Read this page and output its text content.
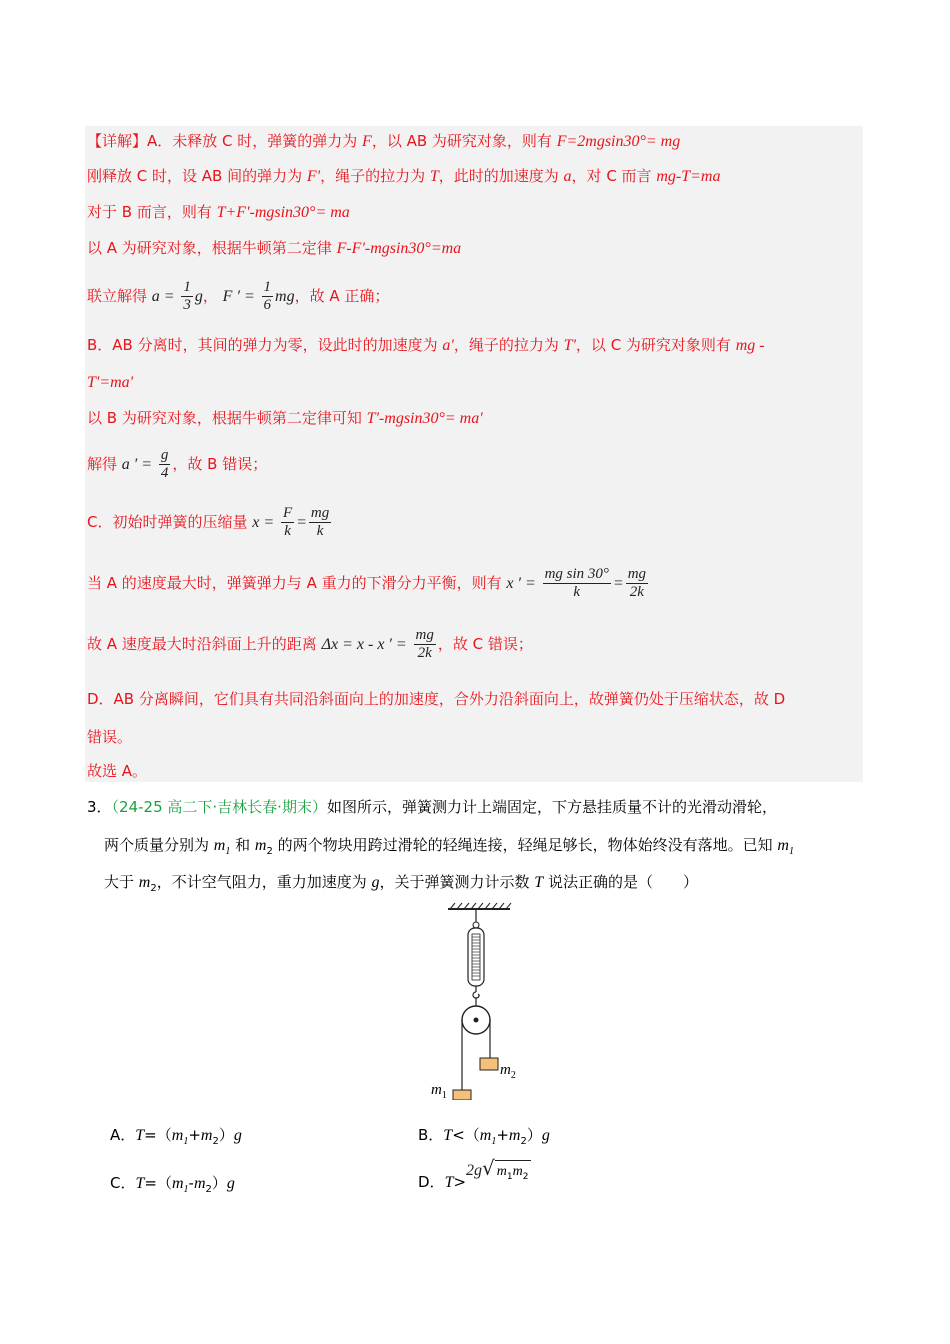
【详解】A．未释放 C 时，弹簧的弹力为 F，以 AB 为研究对象，则有 F=2mgsin30°= mg
刚释放 C 时，设 AB 间的弹力为 F'，绳子的拉力为 T，此时的加速度为 a，对 C 而言 mg-T=ma
对于 B 而言，则有 T+F'-mgsin30°= ma
以 A 为研究对象，根据牛顿第二定律 F-F'-mgsin30°=ma
联立解得 $a = \frac{1}{3}$ g， F ′ = $\frac{1}{6}$ mg，故 A 正确；
B．AB 分离时，其间的弹力为零，设此时的加速度为 a'，绳子的拉力为 T'，以 C 为研究对象则有 mg -
T'=ma'
以 B 为研究对象，根据牛顿第二定律可知 T'-mgsin30°= ma'
解得 a ′ = $\frac{g}{4}$ ，故 B 错误；
C．初始时弹簧的压缩量 $x = \frac{F}{k} = \frac{mg}{k}$
当 A 的速度最大时，弹簧弹力与 A 重力的下滑分力平衡，则有 x ′ = $\frac{\text{mg sin 30°}}{k} = \frac{mg}{2k}$
故 A 速度最大时沿斜面上升的距离 Δx = x - x ′ = $\frac{mg}{2k}$ ，故 C 错误；
D．AB 分离瞬间，它们具有共同沿斜面向上的加速度，合外力沿斜面向上，故弹簧仍处于压缩状态，故 D
错误。
故选 A。
3．（24-25 高二下·吉林长春·期末）如图所示，弹簧测力计上端固定，下方悬挂质量不计的光滑动滑轮，
两个质量分别为 $m_1$ 和 $m_2$ 的两个物块用跨过滑轮的轻绳连接，轻绳足够长，物体始终没有落地。已知 $m_1$
大于 $m_2$，不计空气阻力，重力加速度为 g，关于弹簧测力计示数 T 说法正确的是（　　）
$m_1$
$m_2$
A．$T=(m_1+m_2)g$	B．$T<(m_1+m_2)g$
C．$T=(m_1-m_2)g$	D．T>2g√ $m_1m_2$
